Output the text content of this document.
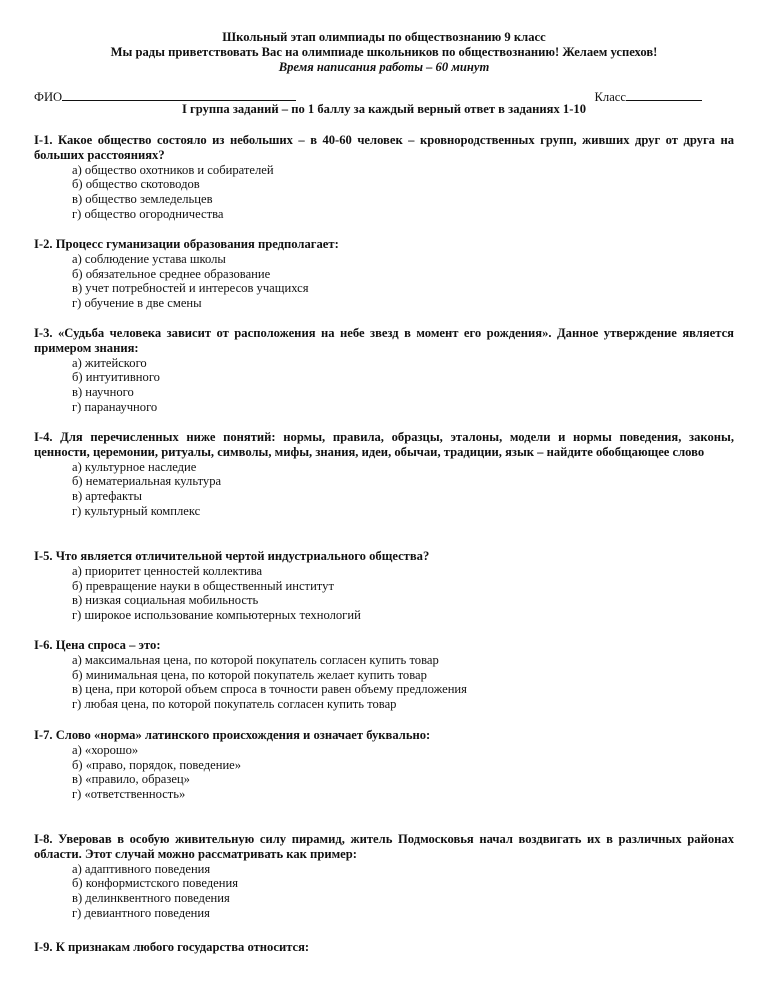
Школьный этап олимпиады по обществознанию 9 класс
Мы рады приветствовать Вас на олимпиаде школьников по обществознанию! Желаем успехов!
Время написания работы – 60 минут
ФИО	Класс
I группа заданий – по 1 баллу за каждый верный ответ в заданиях 1-10
I-1. Какое общество состояло из небольших – в 40-60 человек – кровнородственных групп, живших друг от друга на больших расстояниях?
а) общество охотников и собирателей
б) общество скотоводов
в) общество земледельцев
г) общество огородничества
I-2. Процесс гуманизации образования предполагает:
а) соблюдение устава школы
б) обязательное среднее образование
в) учет потребностей и интересов учащихся
г) обучение в две смены
I-3. «Судьба человека зависит от расположения на небе звезд в момент его рождения». Данное утверждение является примером знания:
а) житейского
б) интуитивного
в) научного
г) паранаучного
I-4. Для перечисленных ниже понятий: нормы, правила, образцы, эталоны, модели и нормы поведения, законы, ценности, церемонии, ритуалы, символы, мифы, знания, идеи, обычаи, традиции, язык – найдите обобщающее слово
а) культурное наследие
б) нематериальная культура
в) артефакты
г) культурный комплекс
I-5. Что является отличительной чертой индустриального общества?
а) приоритет ценностей коллектива
б) превращение науки в общественный институт
в) низкая социальная мобильность
г) широкое использование компьютерных технологий
I-6. Цена спроса – это:
а) максимальная цена, по которой покупатель согласен купить товар
б) минимальная цена, по которой покупатель желает купить товар
в) цена, при которой объем спроса в точности равен объему предложения
г) любая цена, по которой покупатель согласен купить товар
I-7. Слово «норма» латинского происхождения и означает буквально:
а) «хорошо»
б) «право, порядок, поведение»
в) «правило, образец»
г) «ответственность»
I-8. Уверовав в особую живительную силу пирамид, житель Подмосковья начал воздвигать их в различных районах области. Этот случай можно рассматривать как пример:
а) адаптивного поведения
б) конформистского поведения
в) делинквентного поведения
г) девиантного поведения
I-9. К признакам любого государства относится:
